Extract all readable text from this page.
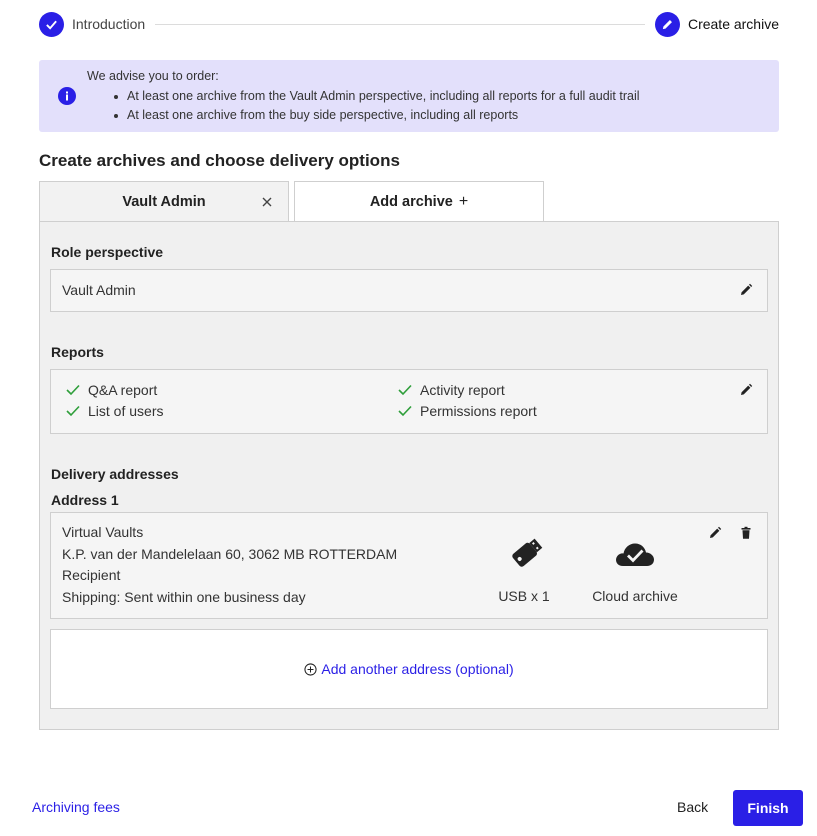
Introduction	Create archive
We advise you to order:
At least one archive from the Vault Admin perspective, including all reports for a full audit trail
At least one archive from the buy side perspective, including all reports
Create archives and choose delivery options
Vault Admin	Add archive +
Role perspective
Vault Admin
Reports
Q&A report	Activity report
List of users	Permissions report
Delivery addresses
Address 1
Virtual Vaults
K.P. van der Mandelelaan 60, 3062 MB ROTTERDAM
Recipient
Shipping: Sent within one business day	USB x 1	Cloud archive
Add another address (optional)
Archiving fees	Back	Finish
